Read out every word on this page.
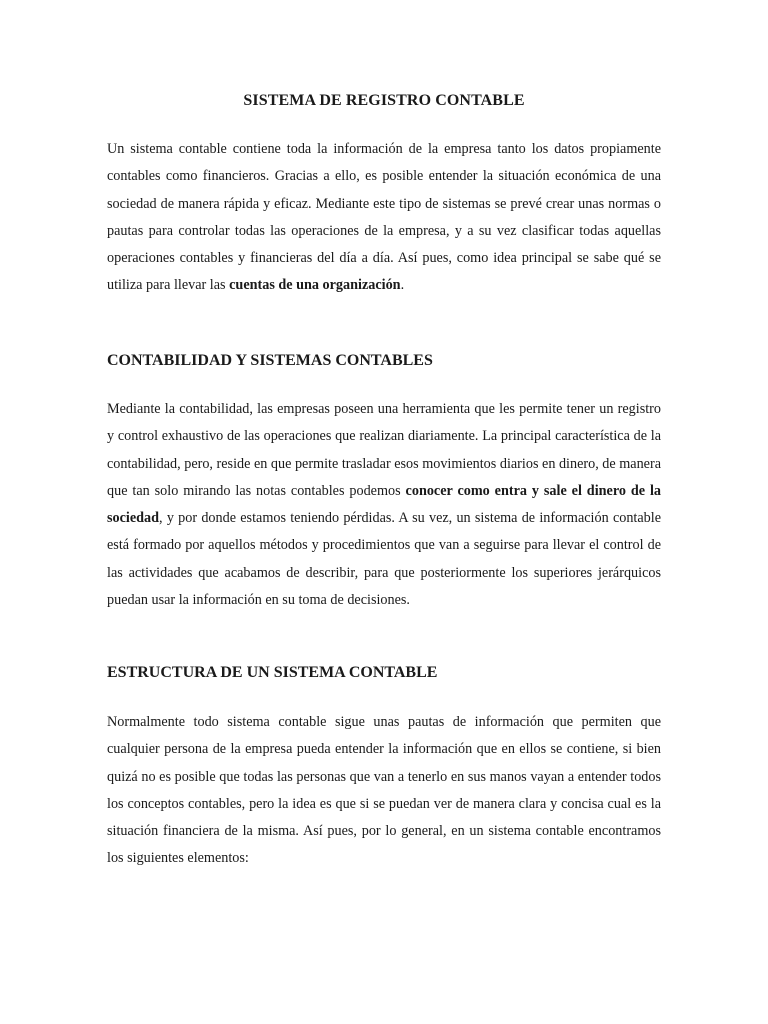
SISTEMA DE REGISTRO CONTABLE

Un sistema contable contiene toda la información de la empresa tanto los datos propiamente contables como financieros. Gracias a ello, es posible entender la situación económica de una sociedad de manera rápida y eficaz. Mediante este tipo de sistemas se prevé crear unas normas o pautas para controlar todas las operaciones de la empresa, y a su vez clasificar todas aquellas operaciones contables y financieras del día a día. Así pues, como idea principal se sabe qué se utiliza para llevar las cuentas de una organización.

CONTABILIDAD Y SISTEMAS CONTABLES

Mediante la contabilidad, las empresas poseen una herramienta que les permite tener un registro y control exhaustivo de las operaciones que realizan diariamente. La principal característica de la contabilidad, pero, reside en que permite trasladar esos movimientos diarios en dinero, de manera que tan solo mirando las notas contables podemos conocer como entra y sale el dinero de la sociedad, y por donde estamos teniendo pérdidas. A su vez, un sistema de información contable está formado por aquellos métodos y procedimientos que van a seguirse para llevar el control de las actividades que acabamos de describir, para que posteriormente los superiores jerárquicos puedan usar la información en su toma de decisiones.

ESTRUCTURA DE UN SISTEMA CONTABLE

Normalmente todo sistema contable sigue unas pautas de información que permiten que cualquier persona de la empresa pueda entender la información que en ellos se contiene, si bien quizá no es posible que todas las personas que van a tenerlo en sus manos vayan a entender todos los conceptos contables, pero la idea es que si se puedan ver de manera clara y concisa cual es la situación financiera de la misma. Así pues, por lo general, en un sistema contable encontramos los siguientes elementos:
